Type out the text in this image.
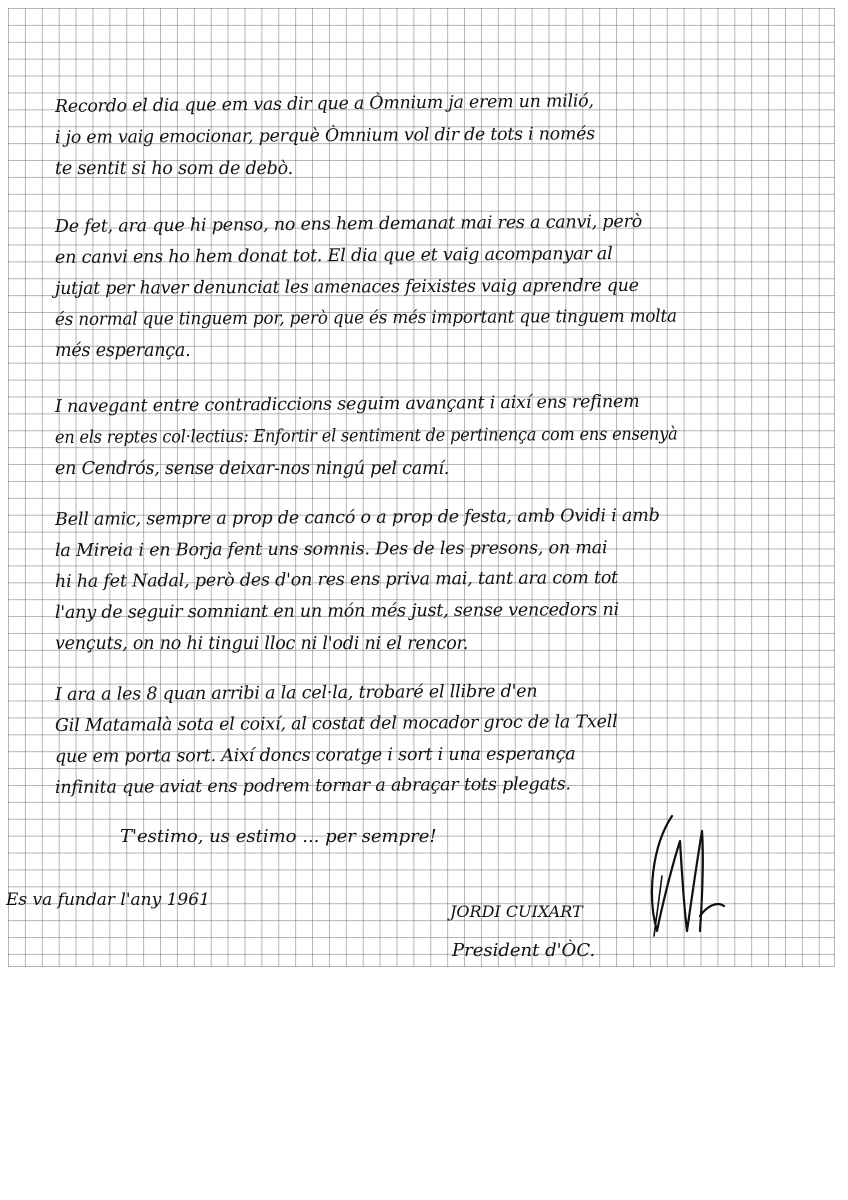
Recordo el dia que em vas dir que a Òmnium ja erem un milió,
i jo em vaig emocionar, perquè Òmnium vol dir de tots i només
te sentit si ho som de debò.
De fet, ara que hi penso, no ens hem demanat mai res a canvi, però
en canvi ens ho hem donat tot. El dia que et vaig acompanyar al
jutjat per haver denunciat les amenaces feixistes vaig aprendre que
és normal que tinguem por, però que és més important que tinguem molta
més esperança.
I navegant entre contradiccions seguim avançant i així ens refinem
en els reptes col·lectius: Enfortir el sentiment de pertinença com ens ensenyà
en Cendrós, sense deixar-nos ningú pel camí.
Bell amic, sempre a prop de cancó o a prop de festa, amb Ovidi i amb
la Mireia i en Borja fent uns somnis. Des de les presons, on mai
hi ha fet Nadal, però des d'on res ens priva mai, tant ara com tot
l'any de seguir somniant en un món més just, sense vencedors ni
vençuts, on no hi tingui lloc ni l'odi ni el rencor.
I ara a les 8 quan arribi a la cel·la, trobaré el llibre d'en
Gil Matamalà sota el coixí, al costat del mocador groc de la Txell
que em porta sort. Així doncs coratge i sort i una esperança
infinita que aviat ens podrem tornar a abraçar tots plegats.
T'estimo, us estimo ... per sempre!
Es va fundar l'any 1961
JORDI CUIXART
President d'ÒC.
